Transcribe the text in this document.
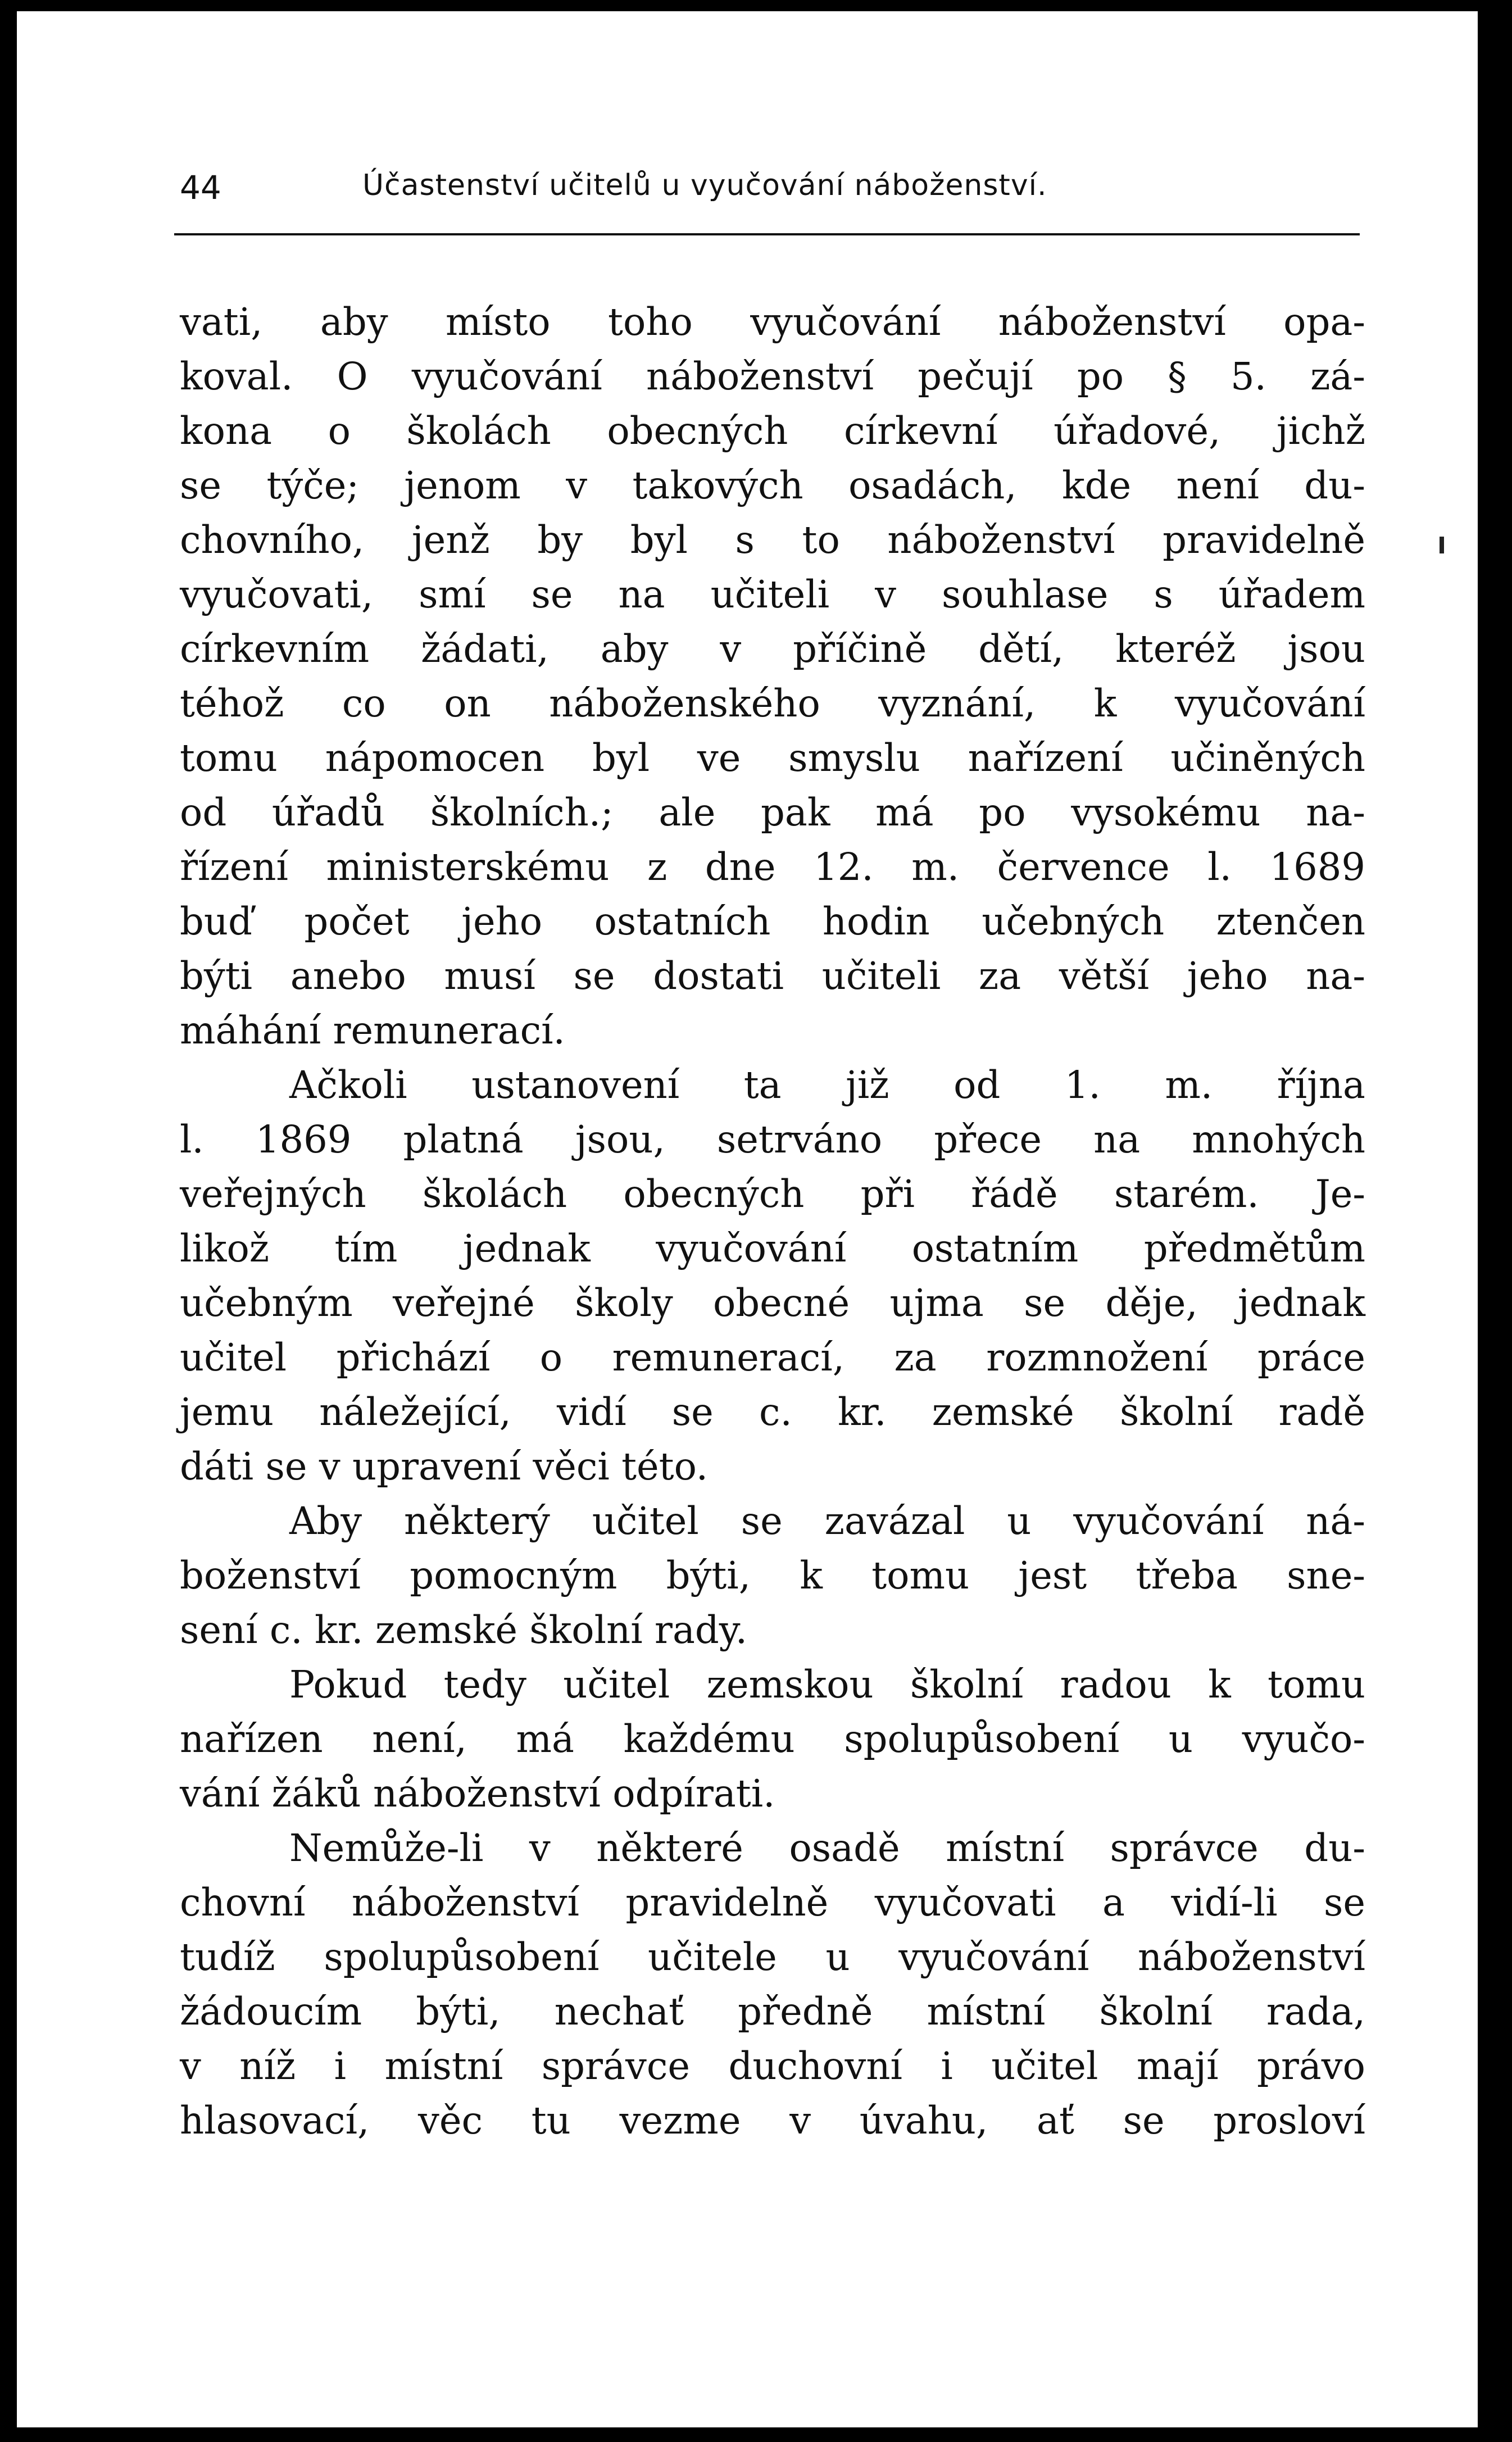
44	Účastenství učitelů u vyučování náboženství.
vati, aby místo toho vyučování náboženství opa-
koval. O vyučování náboženství pečují po § 5. zá-
kona o školách obecných církevní úřadové, jichž
se týče; jenom v takových osadách, kde není du-
chovního, jenž by byl s to náboženství pravidelně
vyučovati, smí se na učiteli v souhlase s úřadem
církevním žádati, aby v příčině dětí, kteréž jsou
téhož co on náboženského vyznání, k vyučování
tomu nápomocen byl ve smyslu nařízení učiněných
od úřadů školních.; ale pak má po vysokému na-
řízení ministerskému z dne 12. m. července l. 1689
buď počet jeho ostatních hodin učebných ztenčen
býti anebo musí se dostati učiteli za větší jeho na-
máhání remunerací.
Ačkoli ustanovení ta již od 1. m. října
l. 1869 platná jsou, setrváno přece na mnohých
veřejných školách obecných při řádě starém. Je-
likož tím jednak vyučování ostatním předmětům
učebným veřejné školy obecné ujma se děje, jednak
učitel přichází o remunerací, za rozmnožení práce
jemu náležející, vidí se c. kr. zemské školní radě
dáti se v upravení věci této.
Aby některý učitel se zavázal u vyučování ná-
boženství pomocným býti, k tomu jest třeba sne-
sení c. kr. zemské školní rady.
Pokud tedy učitel zemskou školní radou k tomu
nařízen není, má každému spolupůsobení u vyučo-
vání žáků náboženství odpírati.
Nemůže-li v některé osadě místní správce du-
chovní náboženství pravidelně vyučovati a vidí-li se
tudíž spolupůsobení učitele u vyučování náboženství
žádoucím býti, nechať předně místní školní rada,
v níž i místní správce duchovní i učitel mají právo
hlasovací, věc tu vezme v úvahu, ať se prosloví
